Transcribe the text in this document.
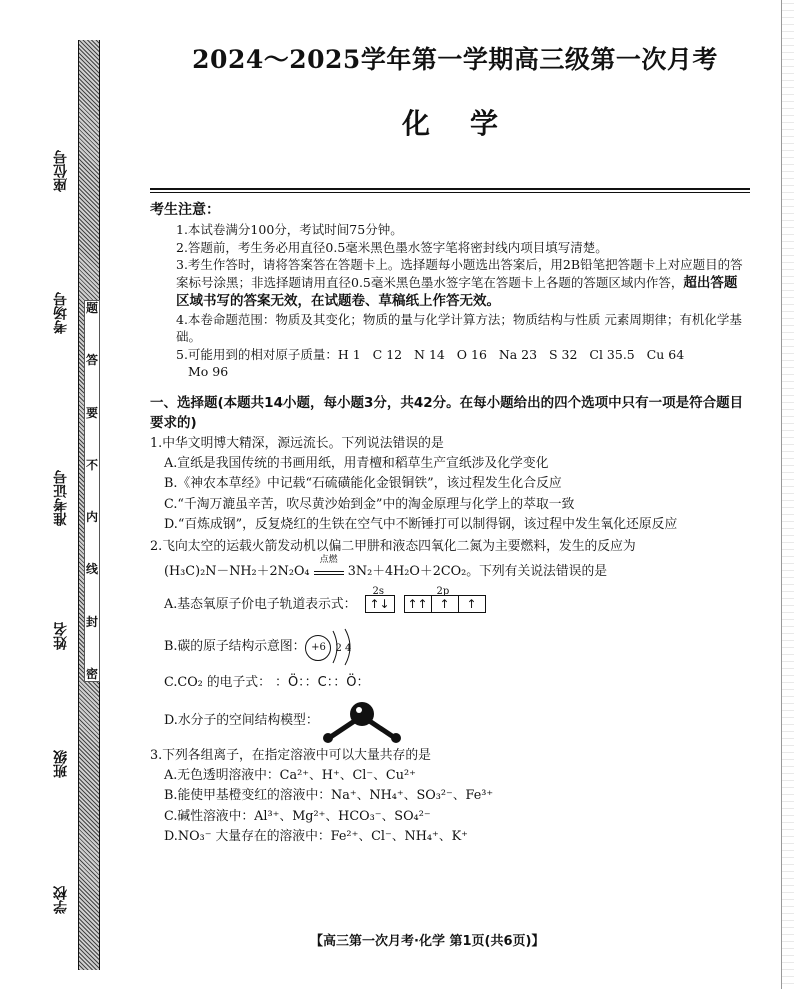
座位号
考场号
准考证号
姓名
班级
学校
题
答
要
不
内
线
封
密
2024～2025学年第一学期高三级第一次月考
化学
考生注意：
1.本试卷满分100分，考试时间75分钟。
2.答题前，考生务必用直径0.5毫米黑色墨水签字笔将密封线内项目填写清楚。
3.考生作答时，请将答案答在答题卡上。选择题每小题选出答案后，用2B铅笔把答题卡上对应题目的答案标号涂黑；非选择题请用直径0.5毫米黑色墨水签字笔在答题卡上各题的答题区域内作答，超出答题区域书写的答案无效，在试题卷、草稿纸上作答无效。
4.本卷命题范围：物质及其变化；物质的量与化学计算方法；物质结构与性质 元素周期律；有机化学基础。
5.可能用到的相对原子质量：H 1   C 12   N 14   O 16   Na 23   S 32   Cl 35.5   Cu 64
Mo 96
一、选择题(本题共14小题，每小题3分，共42分。在每小题给出的四个选项中只有一项是符合题目要求的)
1.中华文明博大精深，源远流长。下列说法错误的是
A.宣纸是我国传统的书画用纸，用青檀和稻草生产宣纸涉及化学变化
B.《神农本草经》中记载“石硫磺能化金银铜铁”，该过程发生化合反应
C.“千淘万漉虽辛苦，吹尽黄沙始到金”中的淘金原理与化学上的萃取一致
D.“百炼成钢”，反复烧红的生铁在空气中不断锤打可以制得钢，该过程中发生氧化还原反应
2.飞向太空的运载火箭发动机以偏二甲肼和液态四氧化二氮为主要燃料，发生的反应为
(H₃C)₂N－NH₂＋2N₂O₄
点燃
3N₂＋4H₂O＋2CO₂。下列有关说法错误的是
A.基态氧原子价电子轨道表示式：
2s
↑↓
2p
↑↑ ↑	↑
B.碳的原子结构示意图： +6 2 4
C.CO₂ 的电子式： ：Ö：：C：：Ö：
D.水分子的空间结构模型：
3.下列各组离子，在指定溶液中可以大量共存的是
A.无色透明溶液中：Ca²⁺、H⁺、Cl⁻、Cu²⁺
B.能使甲基橙变红的溶液中：Na⁺、NH₄⁺、SO₃²⁻、Fe³⁺
C.碱性溶液中：Al³⁺、Mg²⁺、HCO₃⁻、SO₄²⁻
D.NO₃⁻ 大量存在的溶液中：Fe²⁺、Cl⁻、NH₄⁺、K⁺
【高三第一次月考·化学 第1页(共6页)】
